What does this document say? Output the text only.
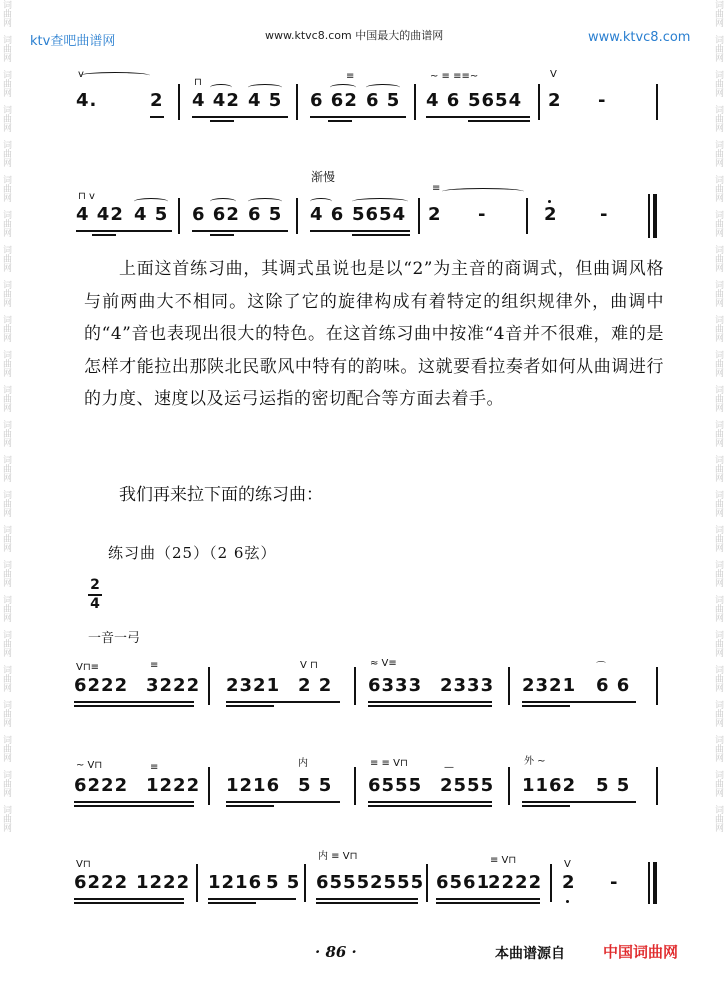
ktv查吧曲谱网	www.ktvc8.com 中国最大的曲谱网	www.ktvc8.com
词曲网
词曲网
词曲网
词曲网
词曲网
词曲网
词曲网
词曲网
词曲网
词曲网
词曲网
词曲网
词曲网
词曲网
词曲网
词曲网
词曲网
词曲网
词曲网
词曲网
词曲网
词曲网
词曲网
词曲网
词曲网
词曲网
词曲网
词曲网
词曲网
词曲网
词曲网
词曲网
词曲网
词曲网
词曲网
词曲网
词曲网
词曲网
词曲网
词曲网
词曲网
词曲网
词曲网
词曲网
词曲网
词曲网
词曲网
词曲网
v
4.	2
⊓
4 42 4 5 6 62
≡
6 5
~ ≡ ≡≡~
4 6 5654
V
2 -
渐慢
⊓ v
4 42 4 5 6 62 6 5 4 6 5654
≡
2 -	2 -

上面这首练习曲，其调式虽说也是以“2”为主音的商调式，但曲调风格与前两曲大不相同。这除了它的旋律构成有着特定的组织规律外，曲调中的“4”音也表现出很大的特色。在这首练习曲中按准“4音并不很难，难的是怎样才能拉出那陕北民歌风中特有的韵味。这就要看拉奏者如何从曲调进行的力度、速度以及运弓运指的密切配合等方面去着手。

我们再来拉下面的练习曲：
练习曲（25）（2 6弦）
2
4
一音一弓
V⊓≡
6222
≡
3222 2321
V ⊓
2 2
≈ V≡
6333 2333 2321
⌒
6 6
~ V⊓
6222
≡
1222 1216
内
5 5
≡ ≡ V⊓
6555
—
2555
外 ~
1162 5 5
V⊓
6222 1222 1216 5 5
内 ≡ V⊓
6555 2555 6561
≡ V⊓
2222
V
2 -
· 86 ·	本曲谱源自	中国词曲网
